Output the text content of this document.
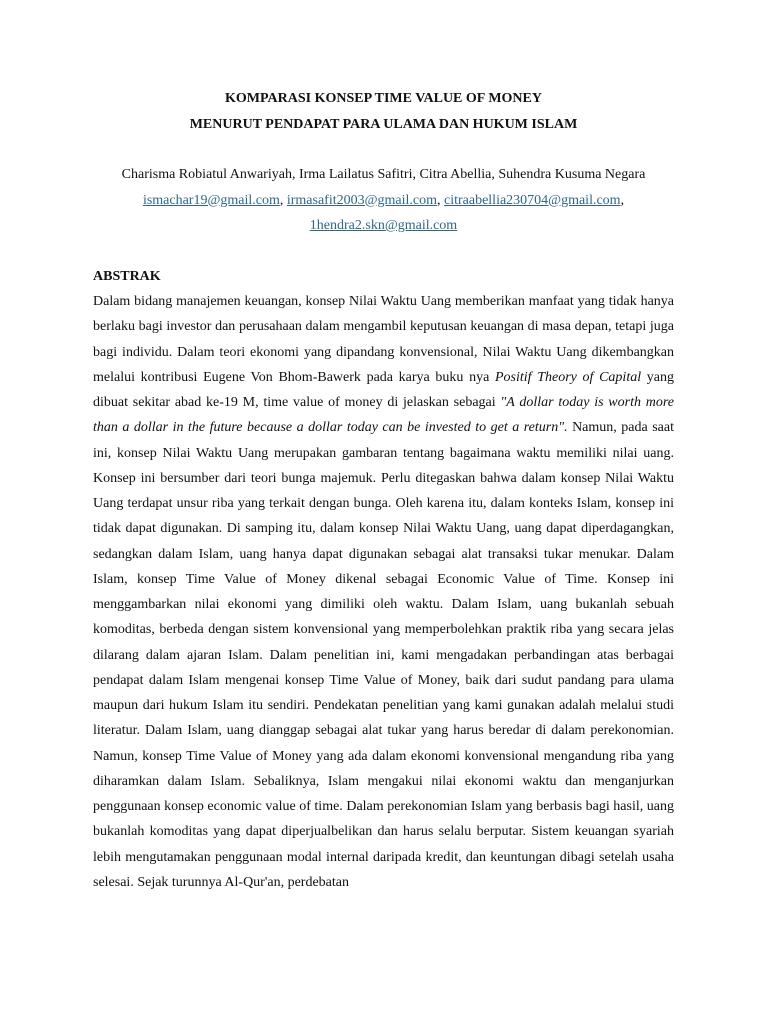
KOMPARASI KONSEP TIME VALUE OF MONEY
MENURUT PENDAPAT PARA ULAMA DAN HUKUM ISLAM

Charisma Robiatul Anwariyah, Irma Lailatus Safitri, Citra Abellia, Suhendra Kusuma Negara
ismachar19@gmail.com, irmasafit2003@gmail.com, citraabellia230704@gmail.com,
1hendra2.skn@gmail.com
ABSTRAK

Dalam bidang manajemen keuangan, konsep Nilai Waktu Uang memberikan manfaat yang tidak hanya berlaku bagi investor dan perusahaan dalam mengambil keputusan keuangan di masa depan, tetapi juga bagi individu. Dalam teori ekonomi yang dipandang konvensional, Nilai Waktu Uang dikembangkan melalui kontribusi Eugene Von Bhom-Bawerk pada karya buku nya Positif Theory of Capital yang dibuat sekitar abad ke-19 M, time value of money di jelaskan sebagai "A dollar today is worth more than a dollar in the future because a dollar today can be invested to get a return". Namun, pada saat ini, konsep Nilai Waktu Uang merupakan gambaran tentang bagaimana waktu memiliki nilai uang. Konsep ini bersumber dari teori bunga majemuk. Perlu ditegaskan bahwa dalam konsep Nilai Waktu Uang terdapat unsur riba yang terkait dengan bunga. Oleh karena itu, dalam konteks Islam, konsep ini tidak dapat digunakan. Di samping itu, dalam konsep Nilai Waktu Uang, uang dapat diperdagangkan, sedangkan dalam Islam, uang hanya dapat digunakan sebagai alat transaksi tukar menukar. Dalam Islam, konsep Time Value of Money dikenal sebagai Economic Value of Time. Konsep ini menggambarkan nilai ekonomi yang dimiliki oleh waktu. Dalam Islam, uang bukanlah sebuah komoditas, berbeda dengan sistem konvensional yang memperbolehkan praktik riba yang secara jelas dilarang dalam ajaran Islam. Dalam penelitian ini, kami mengadakan perbandingan atas berbagai pendapat dalam Islam mengenai konsep Time Value of Money, baik dari sudut pandang para ulama maupun dari hukum Islam itu sendiri. Pendekatan penelitian yang kami gunakan adalah melalui studi literatur. Dalam Islam, uang dianggap sebagai alat tukar yang harus beredar di dalam perekonomian. Namun, konsep Time Value of Money yang ada dalam ekonomi konvensional mengandung riba yang diharamkan dalam Islam. Sebaliknya, Islam mengakui nilai ekonomi waktu dan menganjurkan penggunaan konsep economic value of time. Dalam perekonomian Islam yang berbasis bagi hasil, uang bukanlah komoditas yang dapat diperjualbelikan dan harus selalu berputar. Sistem keuangan syariah lebih mengutamakan penggunaan modal internal daripada kredit, dan keuntungan dibagi setelah usaha selesai. Sejak turunnya Al-Qur'an, perdebatan
